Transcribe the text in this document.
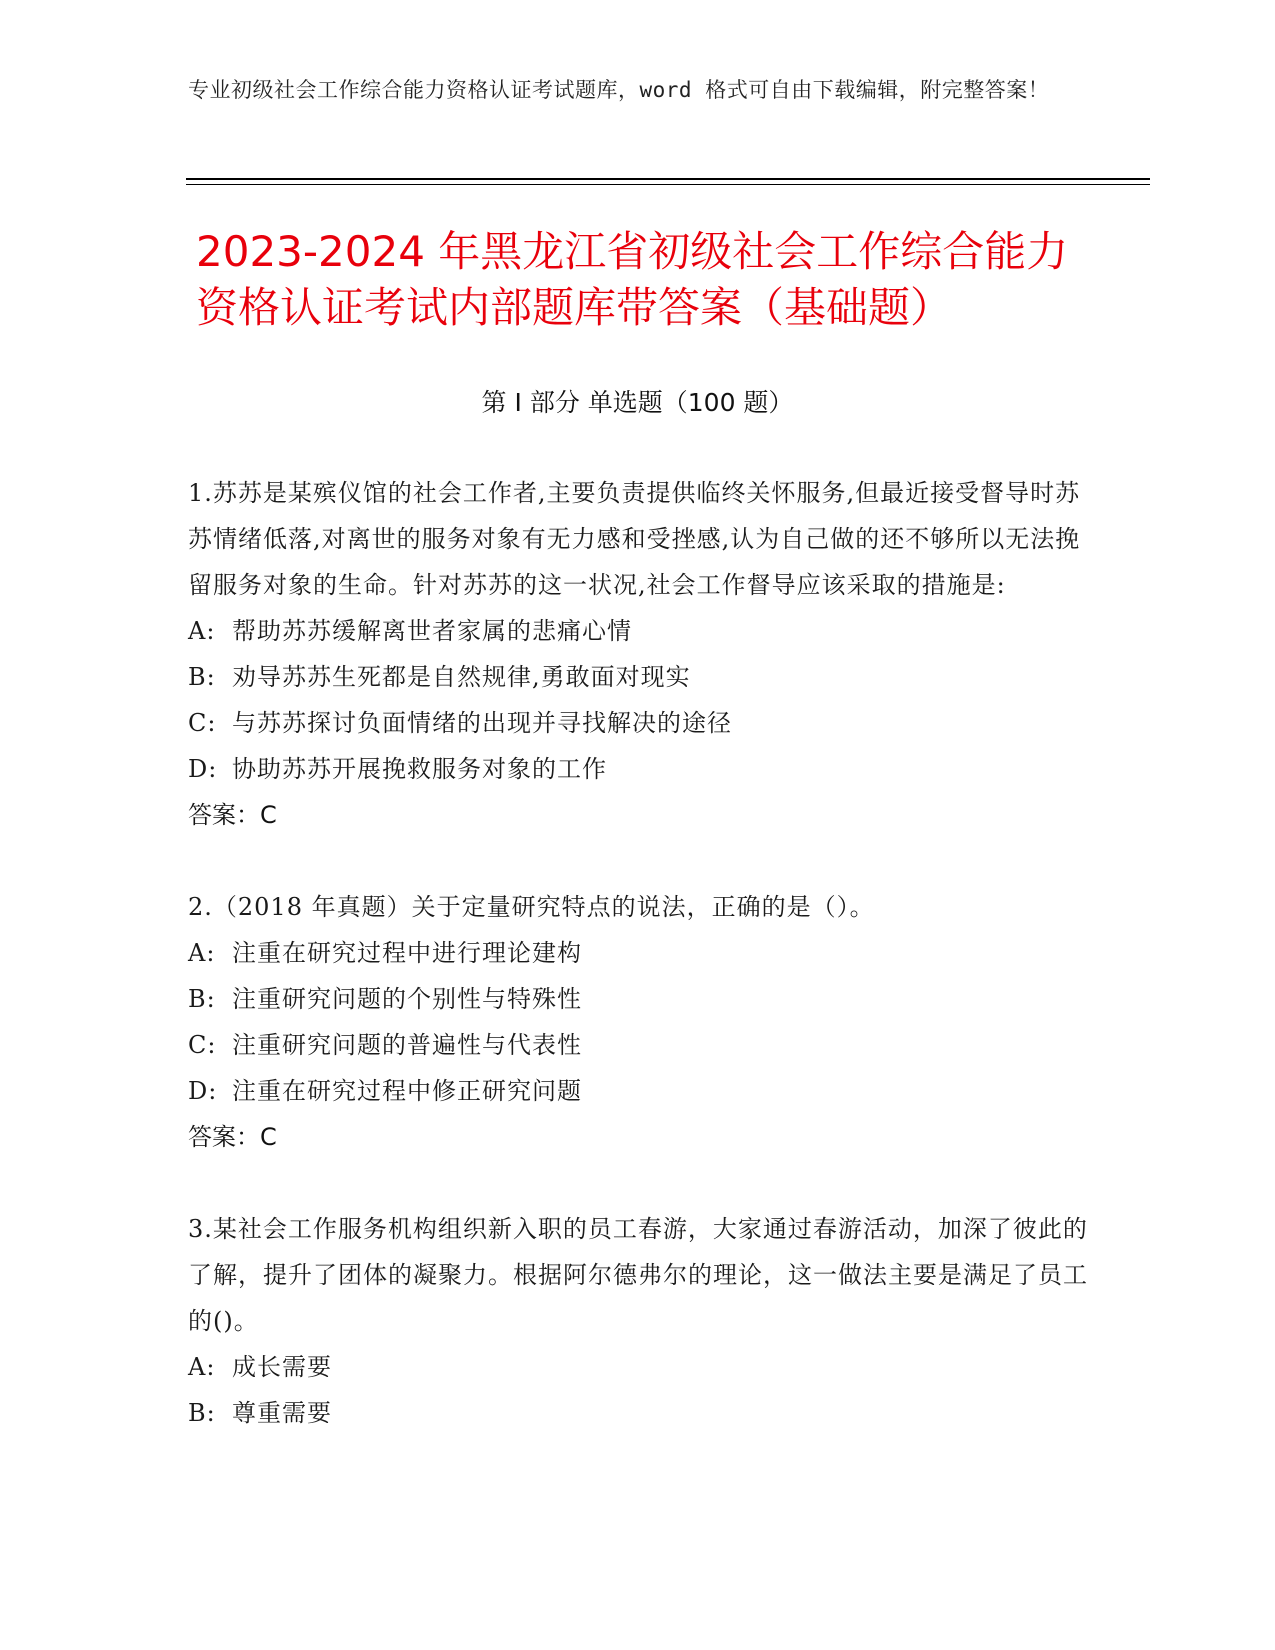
专业初级社会工作综合能力资格认证考试题库，word 格式可自由下载编辑，附完整答案！
2023-2024 年黑龙江省初级社会工作综合能力资格认证考试内部题库带答案（基础题）
第 I 部分 单选题（100 题）

1.苏苏是某殡仪馆的社会工作者,主要负责提供临终关怀服务,但最近接受督导时苏苏情绪低落,对离世的服务对象有无力感和受挫感,认为自己做的还不够所以无法挽留服务对象的生命。针对苏苏的这一状况,社会工作督导应该采取的措施是:

A: 帮助苏苏缓解离世者家属的悲痛心情
B: 劝导苏苏生死都是自然规律,勇敢面对现实
C: 与苏苏探讨负面情绪的出现并寻找解决的途径
D: 协助苏苏开展挽救服务对象的工作
答案：C

2.（2018 年真题）关于定量研究特点的说法，正确的是（）。

A: 注重在研究过程中进行理论建构
B: 注重研究问题的个别性与特殊性
C: 注重研究问题的普遍性与代表性
D: 注重在研究过程中修正研究问题
答案：C

3.某社会工作服务机构组织新入职的员工春游，大家通过春游活动，加深了彼此的了解，提升了团体的凝聚力。根据阿尔德弗尔的理论，这一做法主要是满足了员工的()。

A: 成长需要
B: 尊重需要
